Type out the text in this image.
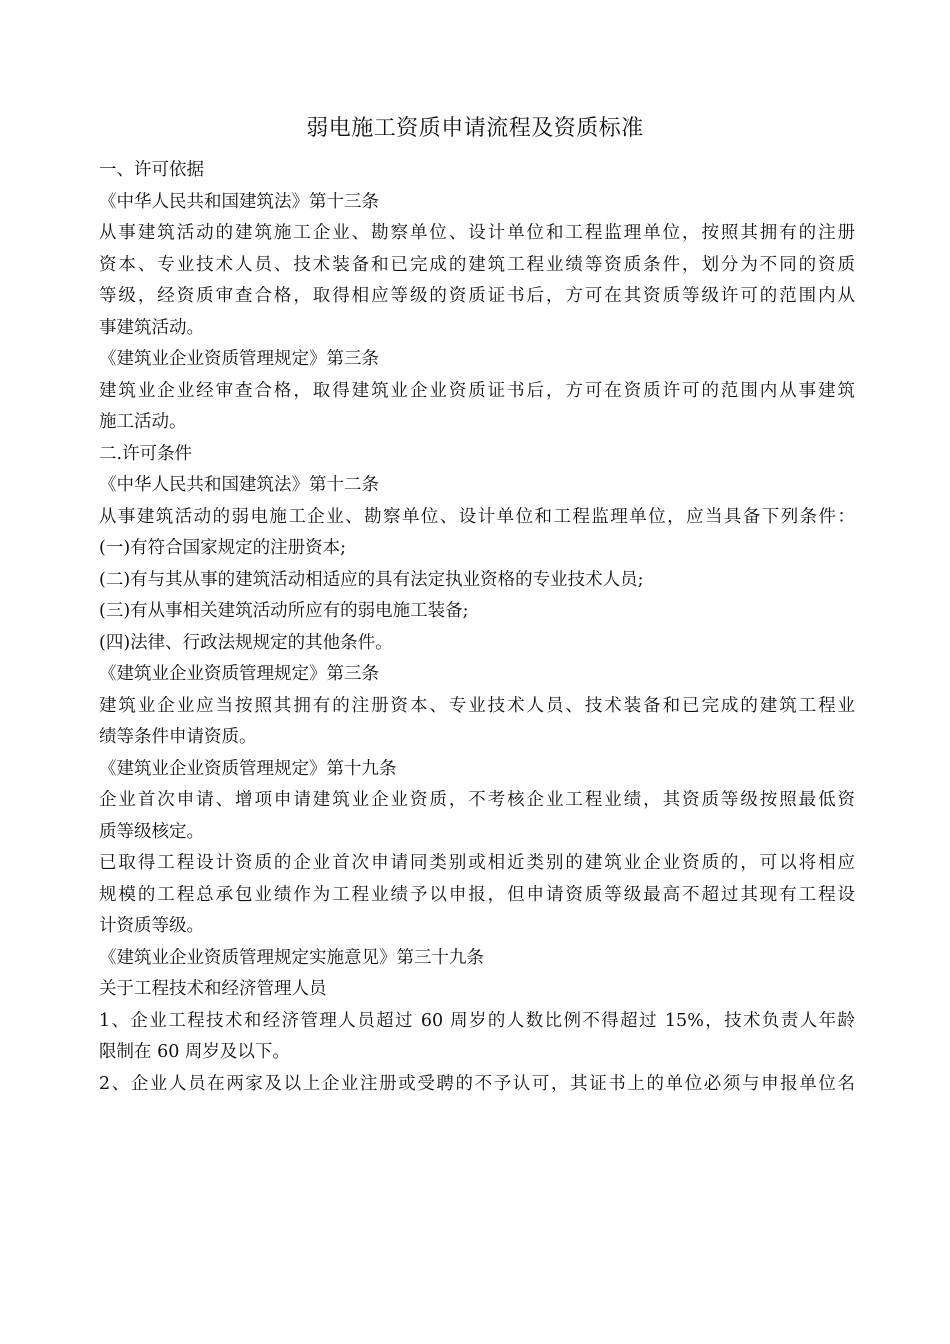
弱电施工资质申请流程及资质标准
一、许可依据
《中华人民共和国建筑法》第十三条
从事建筑活动的建筑施工企业、勘察单位、设计单位和工程监理单位，按照其拥有的注册
资本、专业技术人员、技术装备和已完成的建筑工程业绩等资质条件，划分为不同的资质
等级，经资质审查合格，取得相应等级的资质证书后，方可在其资质等级许可的范围内从
事建筑活动。
《建筑业企业资质管理规定》第三条
建筑业企业经审查合格，取得建筑业企业资质证书后，方可在资质许可的范围内从事建筑
施工活动。
二.许可条件
《中华人民共和国建筑法》第十二条
从事建筑活动的弱电施工企业、勘察单位、设计单位和工程监理单位，应当具备下列条件：
(一)有符合国家规定的注册资本;
(二)有与其从事的建筑活动相适应的具有法定执业资格的专业技术人员;
(三)有从事相关建筑活动所应有的弱电施工装备;
(四)法律、行政法规规定的其他条件。
《建筑业企业资质管理规定》第三条
建筑业企业应当按照其拥有的注册资本、专业技术人员、技术装备和已完成的建筑工程业
绩等条件申请资质。
《建筑业企业资质管理规定》第十九条
企业首次申请、增项申请建筑业企业资质，不考核企业工程业绩，其资质等级按照最低资
质等级核定。
已取得工程设计资质的企业首次申请同类别或相近类别的建筑业企业资质的，可以将相应
规模的工程总承包业绩作为工程业绩予以申报，但申请资质等级最高不超过其现有工程设
计资质等级。
《建筑业企业资质管理规定实施意见》第三十九条
关于工程技术和经济管理人员
1、企业工程技术和经济管理人员超过 60 周岁的人数比例不得超过 15%，技术负责人年龄
限制在 60 周岁及以下。
2、企业人员在两家及以上企业注册或受聘的不予认可，其证书上的单位必须与申报单位名
